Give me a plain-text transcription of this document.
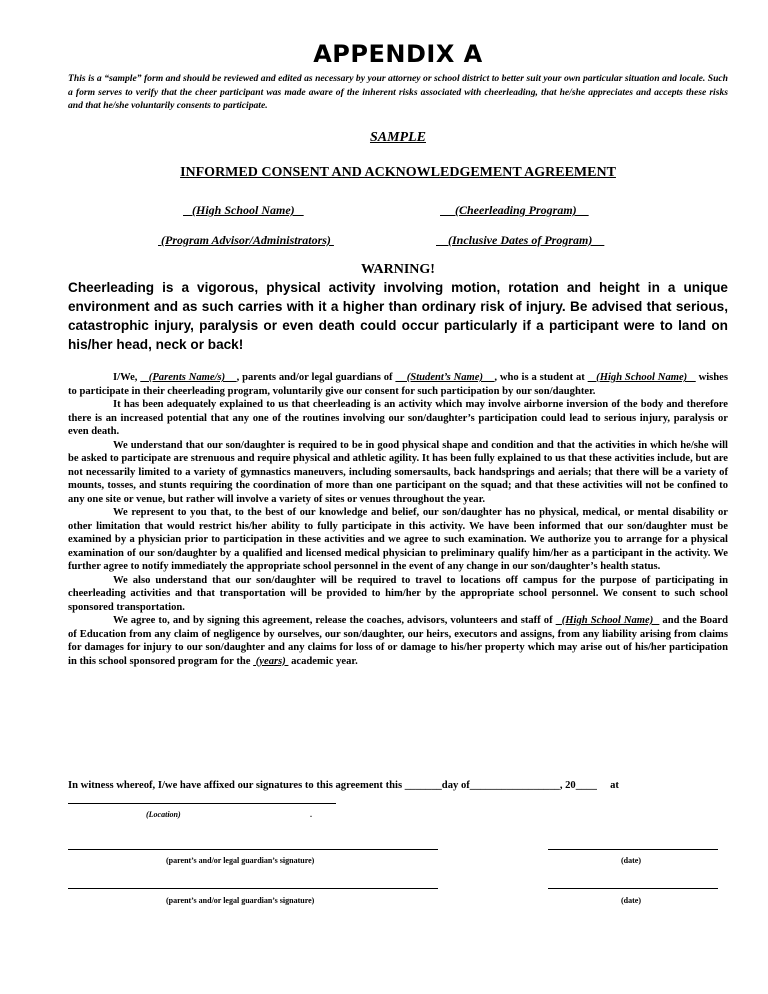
APPENDIX A
This is a “sample” form and should be reviewed and edited as necessary by your attorney or school district to better suit your own particular situation and locale. Such a form serves to verify that the cheer participant was made aware of the inherent risks associated with cheerleading, that he/she appreciates and accepts these risks and that he/she voluntarily consents to participate.
SAMPLE
INFORMED CONSENT AND ACKNOWLEDGEMENT AGREEMENT
(High School Name)	(Cheerleading Program)
(Program Advisor/Administrators)	(Inclusive Dates of Program)
WARNING!
Cheerleading is a vigorous, physical activity involving motion, rotation and height in a unique environment and as such carries with it a higher than ordinary risk of injury. Be advised that serious, catastrophic injury, paralysis or even death could occur particularly if a participant were to land on his/her head, neck or back!

I/We,    (Parents Name/s)    , parents and/or legal guardians of     (Student’s Name)    , who is a student at    (High School Name)    wishes to participate in their cheerleading program, voluntarily give our consent for such participation by our son/daughter.

It has been adequately explained to us that cheerleading is an activity which may involve airborne inversion of the body and therefore there is an increased potential that any one of the routines involving our son/daughter’s participation could lead to serious injury, paralysis or even death.

We understand that our son/daughter is required to be in good physical shape and condition and that the activities in which he/she will be asked to participate are strenuous and require physical and athletic agility. It has been fully explained to us that these activities include, but are not necessarily limited to a variety of gymnastics maneuvers, including somersaults, back handsprings and aerials; that there will be a variety of mounts, tosses, and stunts requiring the coordination of more than one participant on the squad; and that these activities will not be confined to any one site or venue, but rather will involve a variety of sites or venues throughout the year.

We represent to you that, to the best of our knowledge and belief, our son/daughter has no physical, medical, or mental disability or other limitation that would restrict his/her ability to fully participate in this activity. We have been informed that our son/daughter must be examined by a physician prior to participation in these activities and we agree to such examination. We authorize you to arrange for a physical examination of our son/daughter by a qualified and licensed medical physician to preliminary qualify him/her as a participant in the activity. We further agree to notify immediately the appropriate school personnel in the event of any change in our son/daughter’s health status.

We also understand that our son/daughter will be required to travel to locations off campus for the purpose of participating in cheerleading activities and that transportation will be provided to him/her by the appropriate school personnel. We consent to such school sponsored transportation.

We agree to, and by signing this agreement, release the coaches, advisors, volunteers and staff of   (High School Name)   and the Board of Education from any claim of negligence by ourselves, our son/daughter, our heirs, executors and assigns, from any liability arising from claims for damages for injury to our son/daughter and any claims for loss of or damage to his/her property which may arise out of his/her participation in this school sponsored program for the  (years)  academic year.

In witness whereof, I/we have affixed our signatures to this agreement this _______day of_________________, 20____     at
(Location)	.
(parent’s and/or legal guardian’s signature)	(date)
(parent’s and/or legal guardian’s signature)	(date)
